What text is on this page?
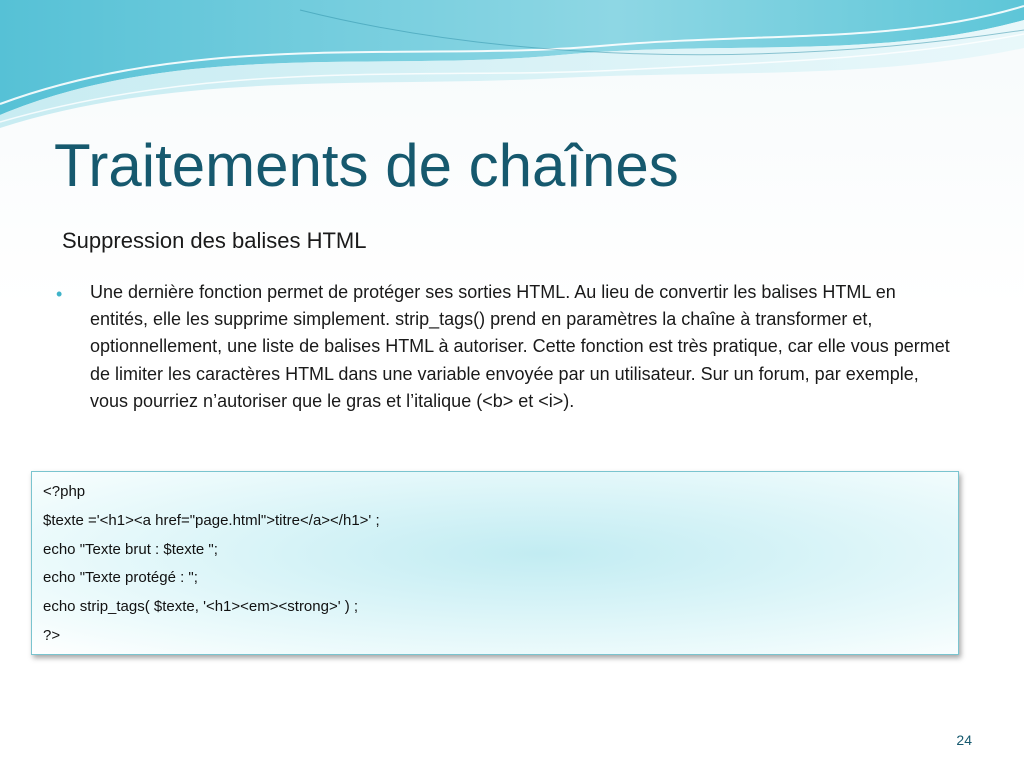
Traitements de chaînes

Suppression des balises HTML

• Une dernière fonction permet de protéger ses sorties HTML. Au lieu de convertir les balises HTML en entités, elle les supprime simplement. strip_tags() prend en paramètres la chaîne à transformer et, optionnellement, une liste de balises HTML à autoriser. Cette fonction est très pratique, car elle vous permet de limiter les caractères HTML dans une variable envoyée par un utilisateur. Sur un forum, par exemple, vous pourriez n’autoriser que le gras et l’italique (<b> et <i>).
<?php
$texte ='<h1><a href="page.html">titre</a></h1>' ;
echo "Texte brut : $texte ";
echo "Texte protégé : ";
echo strip_tags( $texte, '<h1><em><strong>' ) ;
?>
24
